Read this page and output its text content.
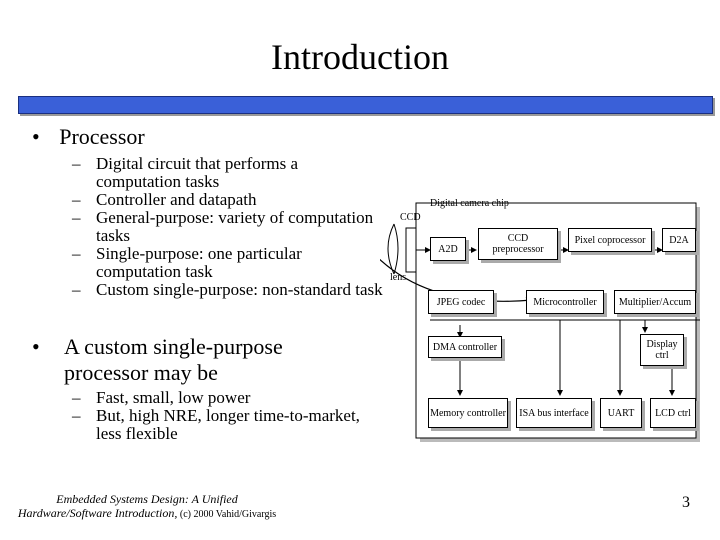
Introduction
• Processor
– Digital circuit that performs a
computation tasks
– Controller and datapath
– General-purpose: variety of computation
tasks
– Single-purpose: one particular
computation task
– Custom single-purpose: non-standard task
•	A custom single-purpose
processor may be
– Fast, small, low power
– But, high NRE, longer time-to-market,
less flexible
Digital camera chip
CCD
lens
A2D
CCD
preprocessor
Pixel coprocessor D2A
JPEG codec	Microcontroller Multiplier/Accum
DMA controller	Display
ctrl
Memory controller ISA bus interface UART LCD ctrl
Embedded Systems Design: A Unified
Hardware/Software Introduction, (c) 2000 Vahid/Givargis
3
